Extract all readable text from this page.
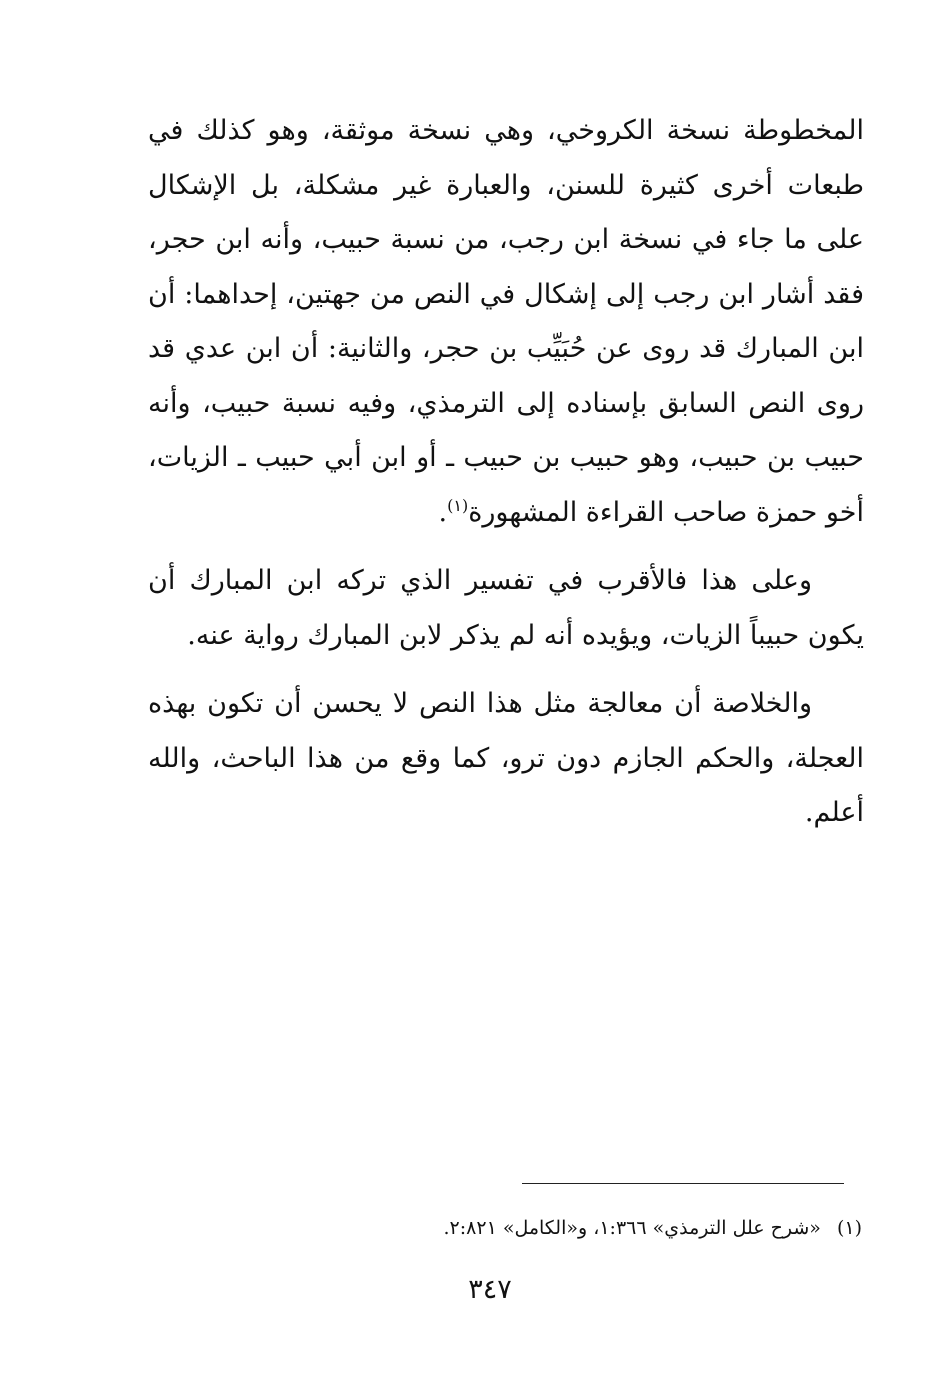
المخطوطة نسخة الكروخي، وهي نسخة موثقة، وهو كذلك في طبعات أخرى كثيرة للسنن، والعبارة غير مشكلة، بل الإشكال على ما جاء في نسخة ابن رجب، من نسبة حبيب، وأنه ابن حجر، فقد أشار ابن رجب إلى إشكال في النص من جهتين، إحداهما: أن ابن المبارك قد روى عن حُبَيِّب بن حجر، والثانية: أن ابن عدي قد روى النص السابق بإسناده إلى الترمذي، وفيه نسبة حبيب، وأنه حبيب بن حبيب، وهو حبيب بن حبيب ـ أو ابن أبي حبيب ـ الزيات، أخو حمزة صاحب القراءة المشهورة$^{(١)}$.

وعلى هذا فالأقرب في تفسير الذي تركه ابن المبارك أن يكون حبيباً الزيات، ويؤيده أنه لم يذكر لابن المبارك رواية عنه.

والخلاصة أن معالجة مثل هذا النص لا يحسن أن تكون بهذه العجلة، والحكم الجازم دون ترو، كما وقع من هذا الباحث، والله أعلم.

(١)«شرح علل الترمذي» ١:٣٦٦، و«الكامل» ٢:٨٢١.
٣٤٧
